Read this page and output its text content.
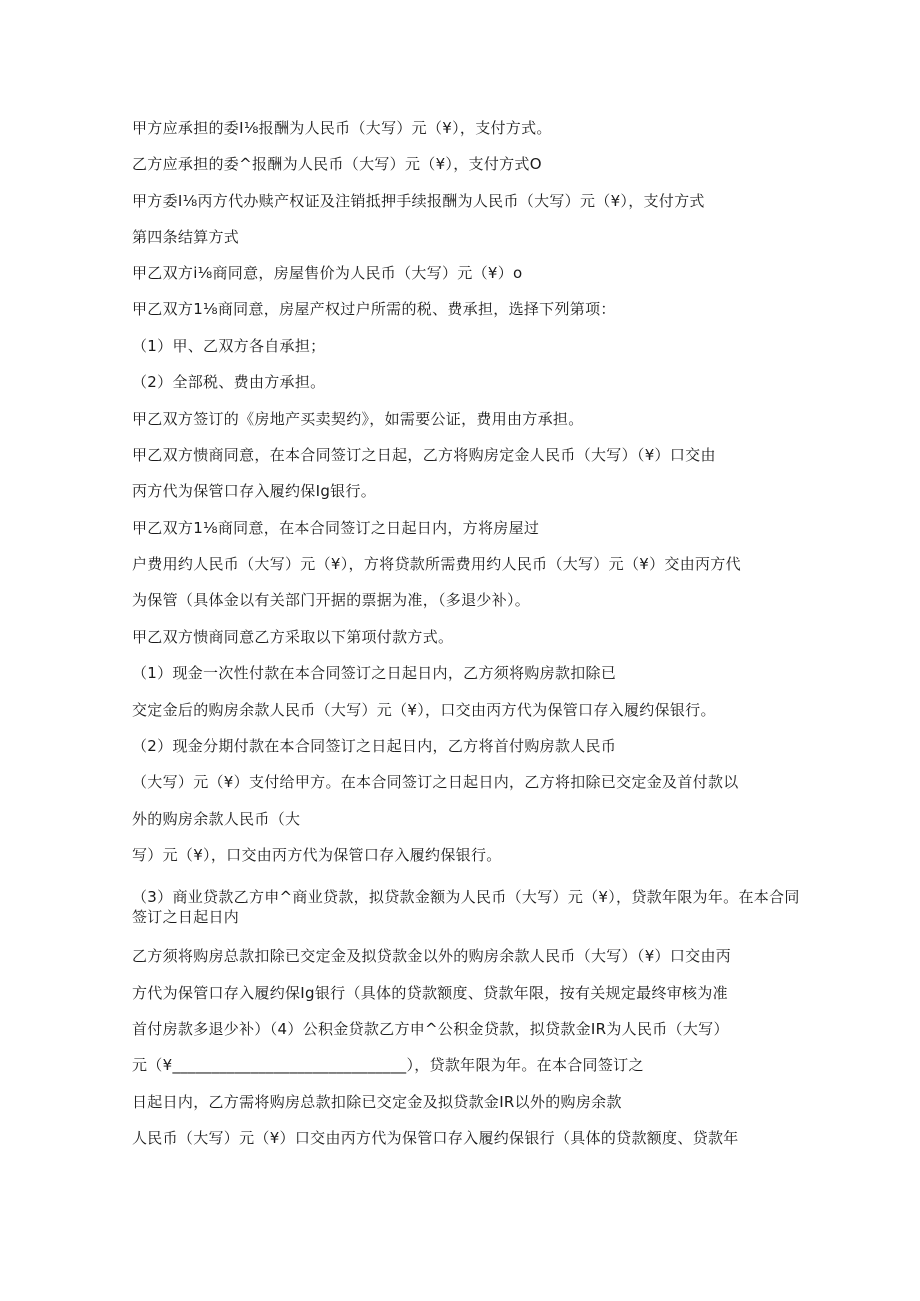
甲方应承担的委Ⅰ⅛报酬为人民币（大写）元（¥），支付方式。

乙方应承担的委^报酬为人民币（大写）元（¥），支付方式O

甲方委Ⅰ⅛丙方代办赎产权证及注销抵押手续报酬为人民币（大写）元（¥），支付方式

第四条结算方式

甲乙双方i⅛商同意，房屋售价为人民币（大写）元（¥）o

甲乙双方1⅛商同意，房屋产权过户所需的税、费承担，选择下列第项：

（1）甲、乙双方各自承担；

（2）全部税、费由方承担。

甲乙双方签订的《房地产买卖契约》，如需要公证，费用由方承担。

甲乙双方愦商同意，在本合同签订之日起，乙方将购房定金人民币（大写）（¥）口交由

丙方代为保管口存入履约保Ig银行。

甲乙双方1⅛商同意，在本合同签订之日起日内，方将房屋过

户费用约人民币（大写）元（¥），方将贷款所需费用约人民币（大写）元（¥）交由丙方代

为保管（具体金以有关部门开据的票据为准，（多退少补）。

甲乙双方愦商同意乙方采取以下第项付款方式。

（1）现金一次性付款在本合同签订之日起日内，乙方须将购房款扣除已

交定金后的购房余款人民币（大写）元（¥），口交由丙方代为保管口存入履约保银行。

（2）现金分期付款在本合同签订之日起日内，乙方将首付购房款人民币

（大写）元（¥）支付给甲方。在本合同签订之日起日内，乙方将扣除已交定金及首付款以

外的购房余款人民币（大

写）元（¥），口交由丙方代为保管口存入履约保银行。

（3）商业贷款乙方申^商业贷款，拟贷款金额为人民币（大写）元（¥），贷款年限为年。在本合同签订之日起日内

乙方须将购房总款扣除已交定金及拟贷款金以外的购房余款人民币（大写）（¥）口交由丙

方代为保管口存入履约保Ig银行（具体的贷款额度、贷款年限，按有关规定最终审核为准

首付房款多退少补）（4）公积金贷款乙方申^公积金贷款，拟贷款金IR为人民币（大写）

元（¥______________________________），贷款年限为年。在本合同签订之

日起日内，乙方需将购房总款扣除已交定金及拟贷款金IR以外的购房余款

人民币（大写）元（¥）口交由丙方代为保管口存入履约保银行（具体的贷款额度、贷款年
